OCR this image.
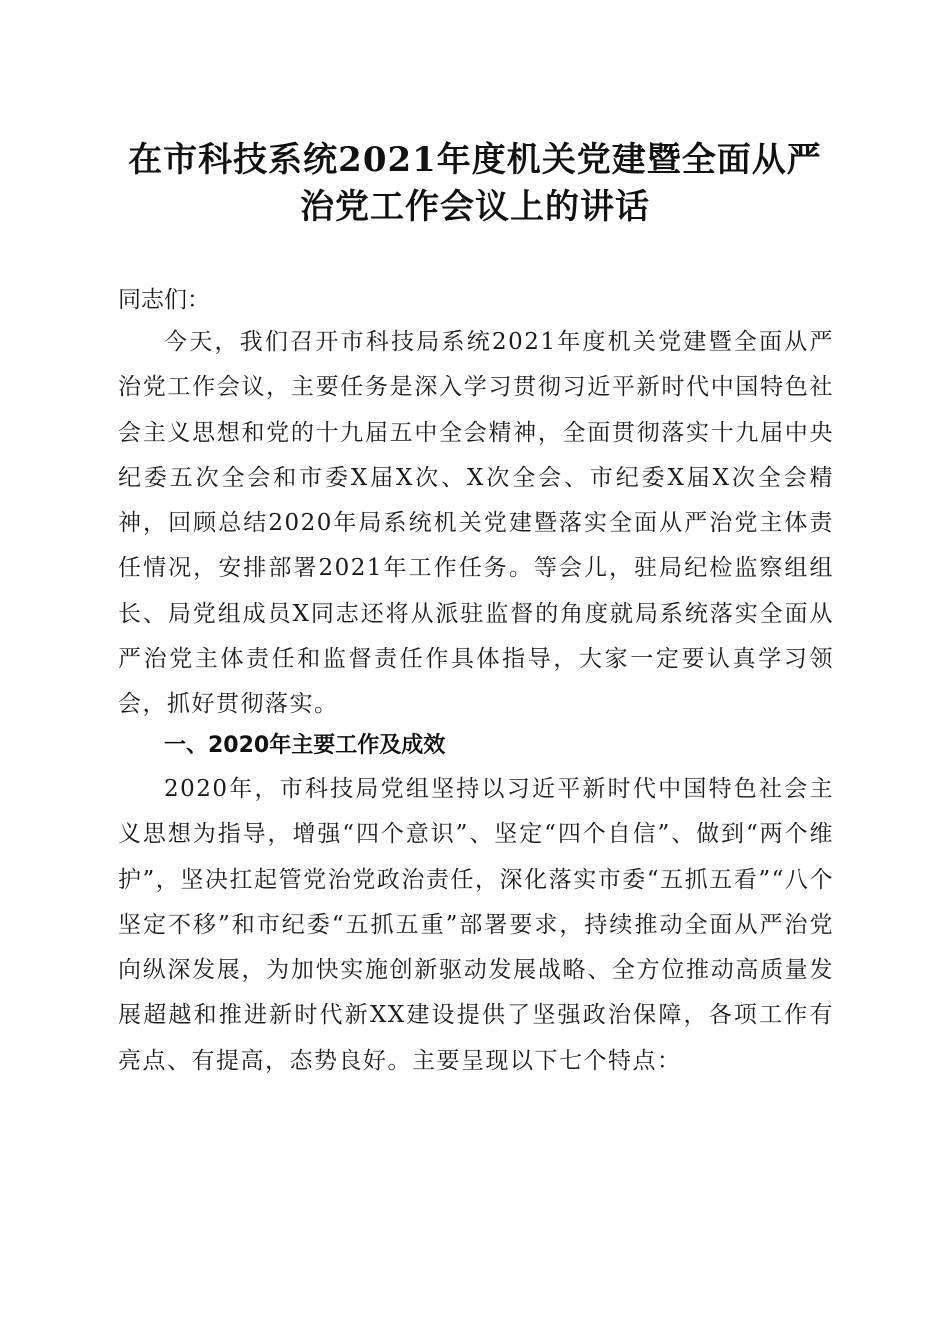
在市科技系统2021年度机关党建暨全面从严
治党工作会议上的讲话
同志们：
今天，我们召开市科技局系统2021年度机关党建暨全面从严治党工作会议，主要任务是深入学习贯彻习近平新时代中国特色社会主义思想和党的十九届五中全会精神，全面贯彻落实十九届中央纪委五次全会和市委X届X次、X次全会、市纪委X届X次全会精神，回顾总结2020年局系统机关党建暨落实全面从严治党主体责任情况，安排部署2021年工作任务。等会儿，驻局纪检监察组组长、局党组成员X同志还将从派驻监督的角度就局系统落实全面从严治党主体责任和监督责任作具体指导，大家一定要认真学习领会，抓好贯彻落实。
一、2020年主要工作及成效
2020年，市科技局党组坚持以习近平新时代中国特色社会主义思想为指导，增强“四个意识”、坚定“四个自信”、做到“两个维护”，坚决扛起管党治党政治责任，深化落实市委“五抓五看”“八个坚定不移”和市纪委“五抓五重”部署要求，持续推动全面从严治党向纵深发展，为加快实施创新驱动发展战略、全方位推动高质量发展超越和推进新时代新XX建设提供了坚强政治保障，各项工作有亮点、有提高，态势良好。主要呈现以下七个特点：
